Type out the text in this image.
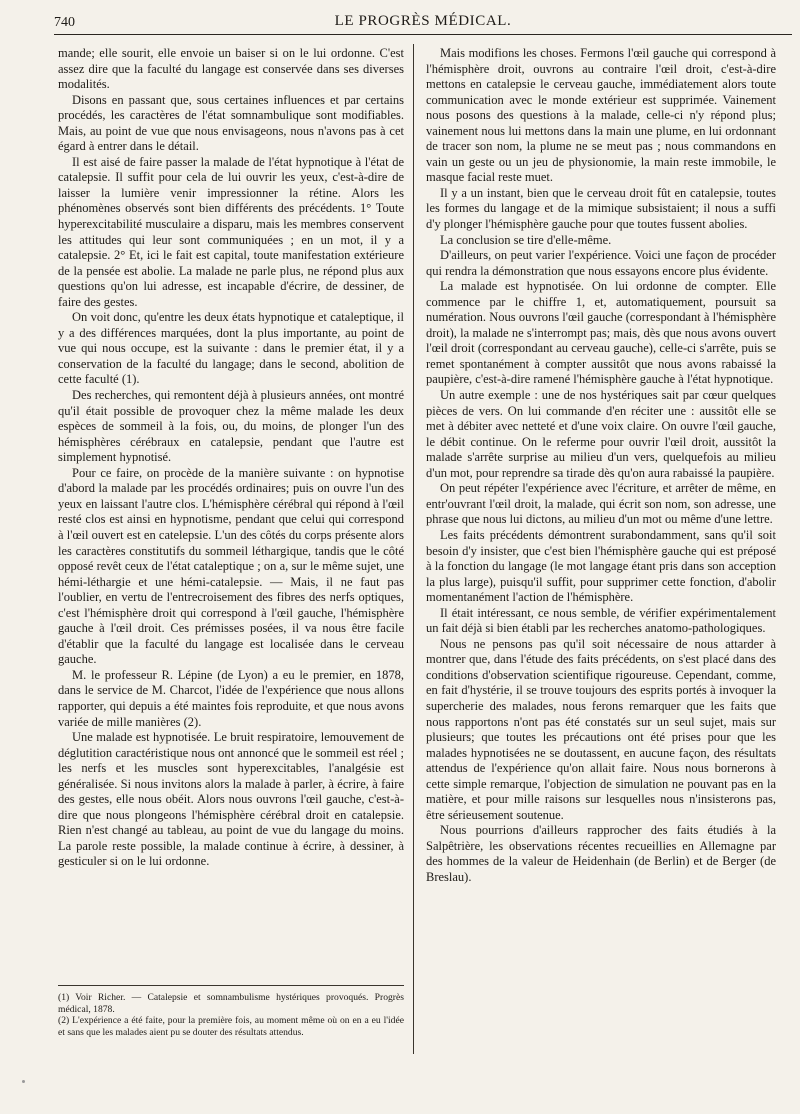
740	LE PROGRÈS MÉDICAL.

mande; elle sourit, elle envoie un baiser si on le lui ordonne. C'est assez dire que la faculté du langage est conservée dans ses diverses modalités.

Disons en passant que, sous certaines influences et par certains procédés, les caractères de l'état somnambulique sont modifiables. Mais, au point de vue que nous envisageons, nous n'avons pas à cet égard à entrer dans le détail.

Il est aisé de faire passer la malade de l'état hypnotique à l'état de catalepsie. Il suffit pour cela de lui ouvrir les yeux, c'est-à-dire de laisser la lumière venir impressionner la rétine. Alors les phénomènes observés sont bien différents des précédents. 1° Toute hyperexcitabilité musculaire a disparu, mais les membres conservent les attitudes qui leur sont communiquées ; en un mot, il y a catalepsie. 2° Et, ici le fait est capital, toute manifestation extérieure de la pensée est abolie. La malade ne parle plus, ne répond plus aux questions qu'on lui adresse, est incapable d'écrire, de dessiner, de faire des gestes.

On voit donc, qu'entre les deux états hypnotique et cataleptique, il y a des différences marquées, dont la plus importante, au point de vue qui nous occupe, est la suivante : dans le premier état, il y a conservation de la faculté du langage; dans le second, abolition de cette faculté (1).

Des recherches, qui remontent déjà à plusieurs années, ont montré qu'il était possible de provoquer chez la même malade les deux espèces de sommeil à la fois, ou, du moins, de plonger l'un des hémisphères cérébraux en catalepsie, pendant que l'autre est simplement hypnotisé.

Pour ce faire, on procède de la manière suivante : on hypnotise d'abord la malade par les procédés ordinaires; puis on ouvre l'un des yeux en laissant l'autre clos. L'hémisphère cérébral qui répond à l'œil resté clos est ainsi en hypnotisme, pendant que celui qui correspond à l'œil ouvert est en catelepsie. L'un des côtés du corps présente alors les caractères constitutifs du sommeil léthargique, tandis que le côté opposé revêt ceux de l'état cataleptique ; on a, sur le même sujet, une hémi-léthargie et une hémi-catalepsie. — Mais, il ne faut pas l'oublier, en vertu de l'entrecroisement des fibres des nerfs optiques, c'est l'hémisphère droit qui correspond à l'œil gauche, l'hémisphère gauche à l'œil droit. Ces prémisses posées, il va nous être facile d'établir que la faculté du langage est localisée dans le cerveau gauche.

M. le professeur R. Lépine (de Lyon) a eu le premier, en 1878, dans le service de M. Charcot, l'idée de l'expérience que nous allons rapporter, qui depuis a été maintes fois reproduite, et que nous avons variée de mille manières (2).

Une malade est hypnotisée. Le bruit respiratoire, lemouvement de déglutition caractéristique nous ont annoncé que le sommeil est réel ; les nerfs et les muscles sont hyperexcitables, l'analgésie est généralisée. Si nous invitons alors la malade à parler, à écrire, à faire des gestes, elle nous obéit. Alors nous ouvrons l'œil gauche, c'est-à-dire que nous plongeons l'hémisphère cérébral droit en catalepsie. Rien n'est changé au tableau, au point de vue du langage du moins. La parole reste possible, la malade continue à écrire, à dessiner, à gesticuler si on le lui ordonne.

(1) Voir Richer. — Catalepsie et somnambulisme hystériques provoqués. Progrès médical, 1878.

(2) L'expérience a été faite, pour la première fois, au moment même où on en a eu l'idée et sans que les malades aient pu se douter des résultats attendus.

Mais modifions les choses. Fermons l'œil gauche qui correspond à l'hémisphère droit, ouvrons au contraire l'œil droit, c'est-à-dire mettons en catalepsie le cerveau gauche, immédiatement alors toute communication avec le monde extérieur est supprimée. Vainement nous posons des questions à la malade, celle-ci n'y répond plus; vainement nous lui mettons dans la main une plume, en lui ordonnant de tracer son nom, la plume ne se meut pas ; nous commandons en vain un geste ou un jeu de physionomie, la main reste immobile, le masque facial reste muet.

Il y a un instant, bien que le cerveau droit fût en catalepsie, toutes les formes du langage et de la mimique subsistaient; il nous a suffi d'y plonger l'hémisphère gauche pour que toutes fussent abolies.

La conclusion se tire d'elle-même.

D'ailleurs, on peut varier l'expérience. Voici une façon de procéder qui rendra la démonstration que nous essayons encore plus évidente.

La malade est hypnotisée. On lui ordonne de compter. Elle commence par le chiffre 1, et, automatiquement, poursuit sa numération. Nous ouvrons l'œil gauche (correspondant à l'hémisphère droit), la malade ne s'interrompt pas; mais, dès que nous avons ouvert l'œil droit (correspondant au cerveau gauche), celle-ci s'arrête, puis se remet spontanément à compter aussitôt que nous avons rabaissé la paupière, c'est-à-dire ramené l'hémisphère gauche à l'état hypnotique.

Un autre exemple : une de nos hystériques sait par cœur quelques pièces de vers. On lui commande d'en réciter une : aussitôt elle se met à débiter avec netteté et d'une voix claire. On ouvre l'œil gauche, le débit continue. On le referme pour ouvrir l'œil droit, aussitôt la malade s'arrête surprise au milieu d'un vers, quelquefois au milieu d'un mot, pour reprendre sa tirade dès qu'on aura rabaissé la paupière.

On peut répéter l'expérience avec l'écriture, et arrêter de même, en entr'ouvrant l'œil droit, la malade, qui écrit son nom, son adresse, une phrase que nous lui dictons, au milieu d'un mot ou même d'une lettre.

Les faits précédents démontrent surabondamment, sans qu'il soit besoin d'y insister, que c'est bien l'hémisphère gauche qui est préposé à la fonction du langage (le mot langage étant pris dans son acception la plus large), puisqu'il suffit, pour supprimer cette fonction, d'abolir momentanément l'action de l'hémisphère.

Il était intéressant, ce nous semble, de vérifier expérimentalement un fait déjà si bien établi par les recherches anatomo-pathologiques.

Nous ne pensons pas qu'il soit nécessaire de nous attarder à montrer que, dans l'étude des faits précédents, on s'est placé dans des conditions d'observation scientifique rigoureuse. Cependant, comme, en fait d'hystérie, il se trouve toujours des esprits portés à invoquer la supercherie des malades, nous ferons remarquer que les faits que nous rapportons n'ont pas été constatés sur un seul sujet, mais sur plusieurs; que toutes les précautions ont été prises pour que les malades hypnotisées ne se doutassent, en aucune façon, des résultats attendus de l'expérience qu'on allait faire. Nous nous bornerons à cette simple remarque, l'objection de simulation ne pouvant pas en la matière, et pour mille raisons sur lesquelles nous n'insisterons pas, être sérieusement soutenue.

Nous pourrions d'ailleurs rapprocher des faits étudiés à la Salpêtrière, les observations récentes recueillies en Allemagne par des hommes de la valeur de Heidenhain (de Berlin) et de Berger (de Breslau).
